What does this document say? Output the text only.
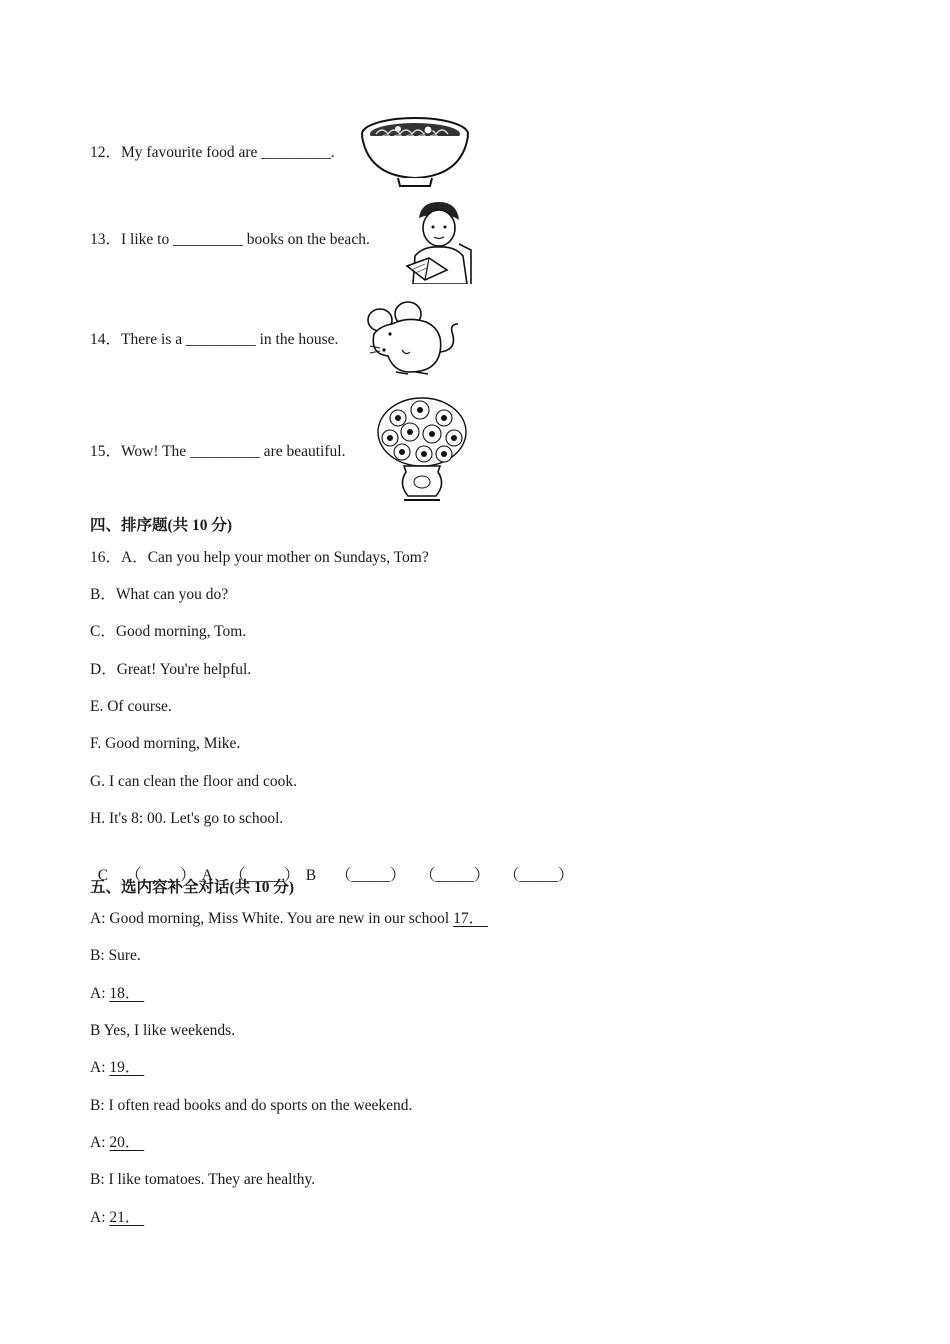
12．My favourite food are _________.
13．I like to _________ books on the beach.
14．There is a _________ in the house.
15．Wow! The _________ are beautiful.
四、排序题(共 10 分)
16．A．Can you help your mother on Sundays, Tom?
B．What can you do?
C．Good morning, Tom.
D．Great! You're helpful.
E. Of course.
F. Good morning, Mike.
G. I can clean the floor and cook.
H. It's 8: 00. Let's go to school.

C （_____） A （_____） B （_____） （_____） （_____）

五、选内容补全对话(共 10 分)
A: Good morning, Miss White. You are new in our school 17．
B: Sure.
A: 18．
B Yes, I like weekends.
A: 19．
B: I often read books and do sports on the weekend.
A: 20．
B: I like tomatoes. They are healthy.
A: 21．
